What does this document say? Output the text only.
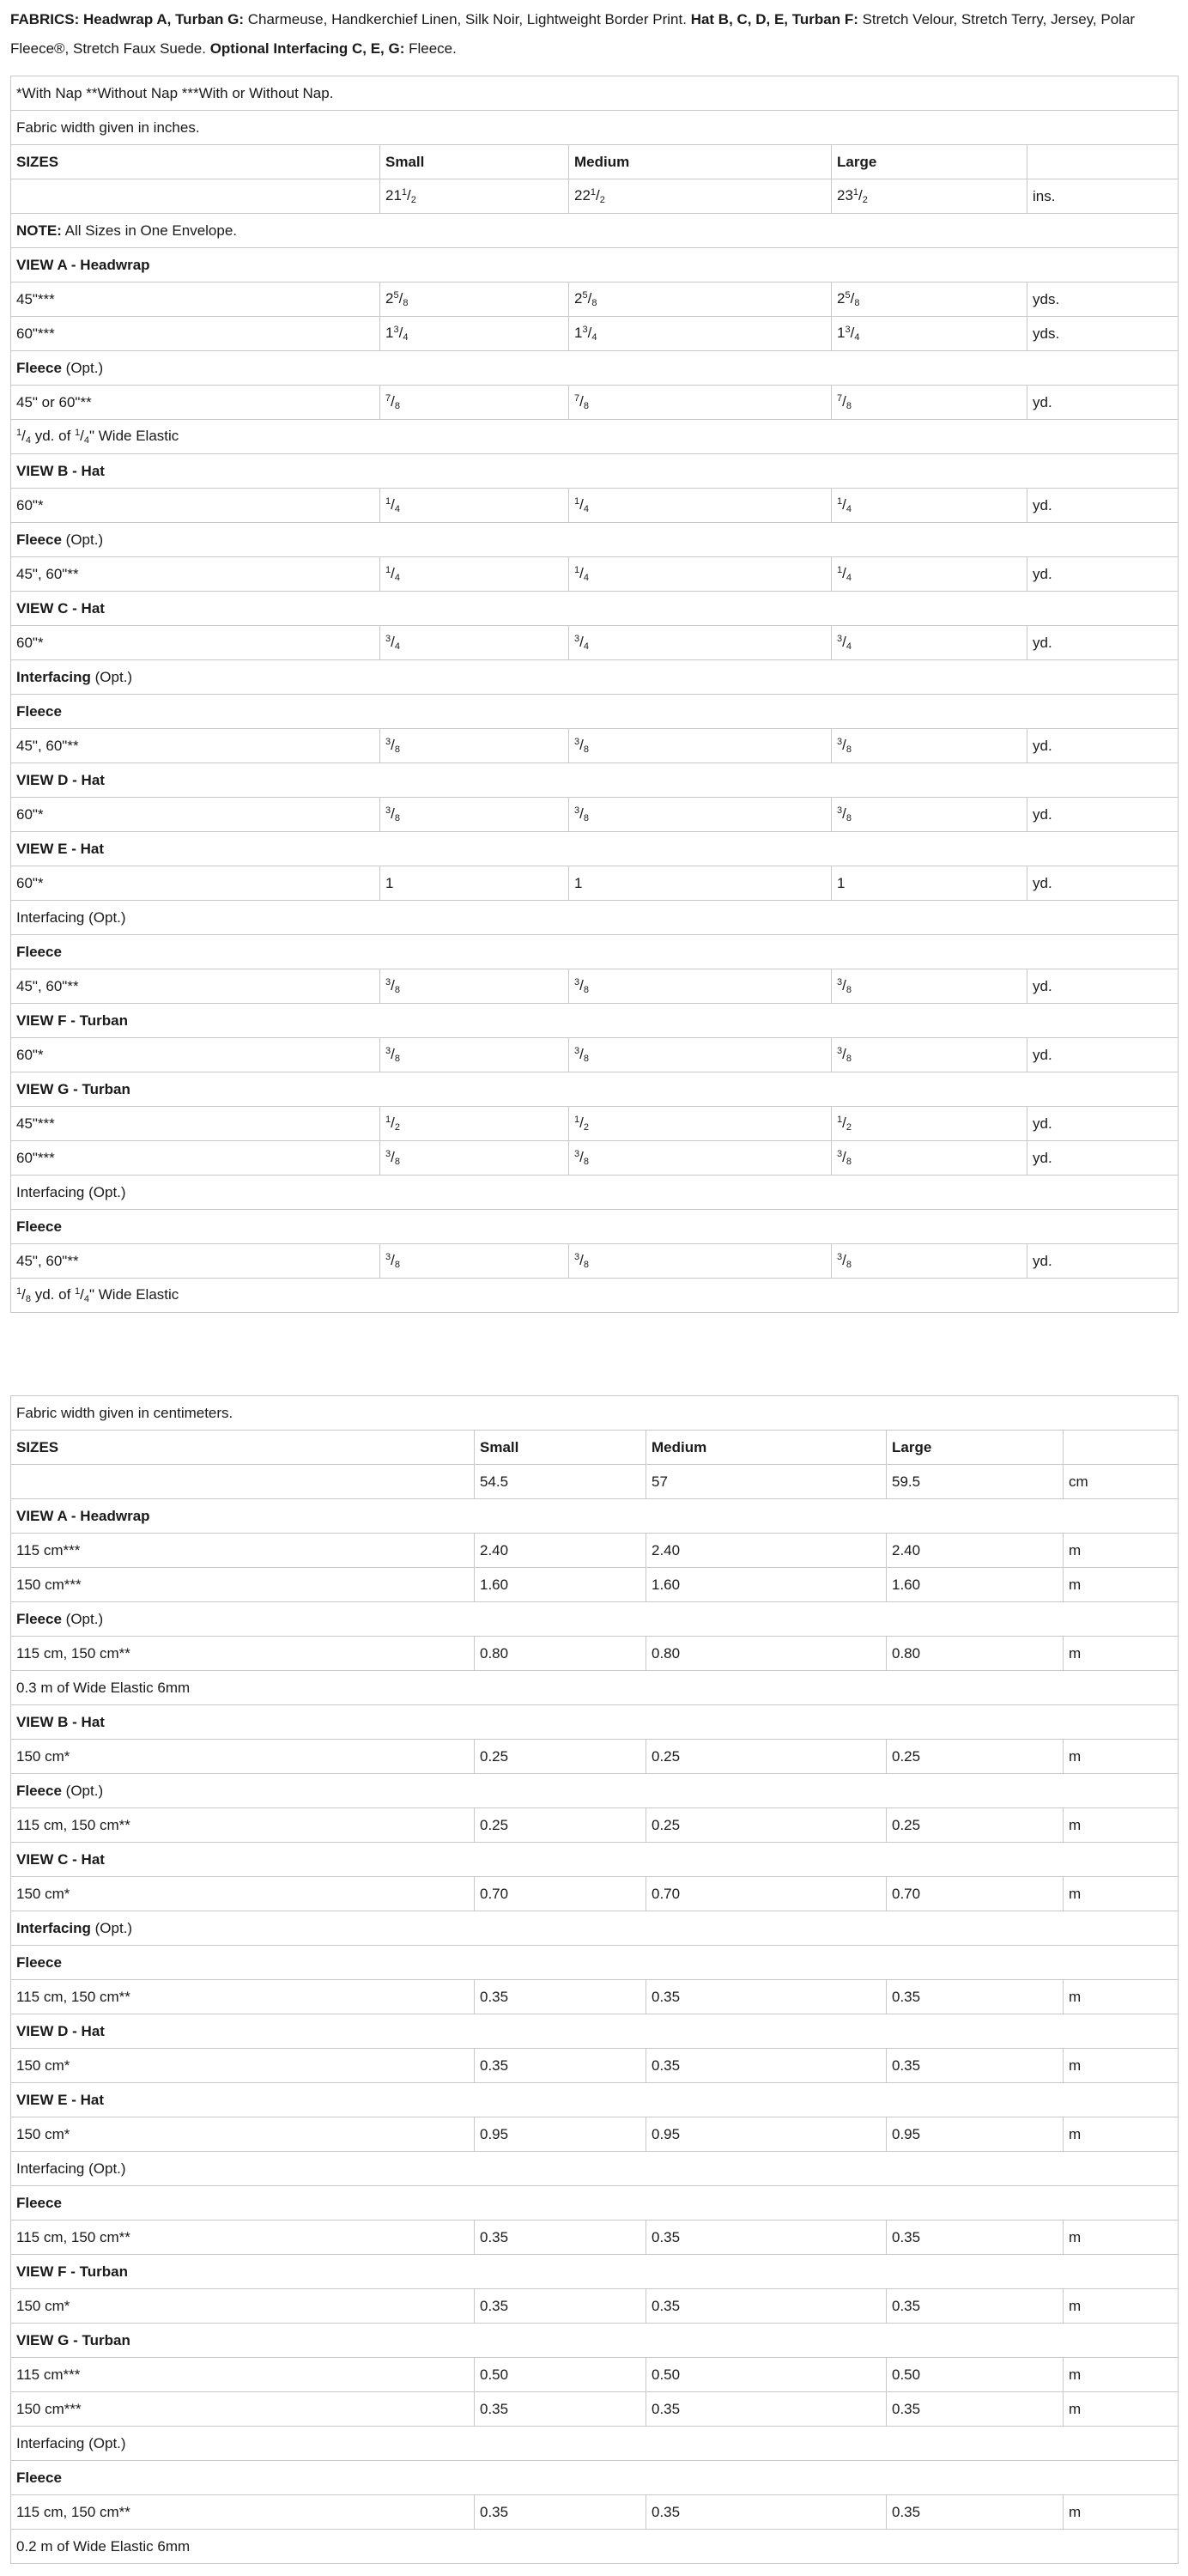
FABRICS: Headwrap A, Turban G: Charmeuse, Handkerchief Linen, Silk Noir, Lightweight Border Print. Hat B, C, D, E, Turban F: Stretch Velour, Stretch Terry, Jersey, Polar Fleece®, Stretch Faux Suede. Optional Interfacing C, E, G: Fleece.
*With Nap **Without Nap ***With or Without Nap.				
Fabric width given in inches.				
SIZES	Small	Medium	Large	
	$21^1/_2$	$22^1/_2$	$23^1/_2$	ins.
NOTE: All Sizes in One Envelope.				
VIEW A - Headwrap				
45"***	$2^5/_8$	$2^5/_8$	$2^5/_8$	yds.
60"***	$1^3/_4$	$1^3/_4$	$1^3/_4$	yds.
Fleece (Opt.)				
45" or 60"**	$^7/_8$	$^7/_8$	$^7/_8$	yd.
$^1/_4$ yd. of $^1/_4$" Wide Elastic				
VIEW B - Hat				
60"*	$^1/_4$	$^1/_4$	$^1/_4$	yd.
Fleece (Opt.)				
45", 60"**	$^1/_4$	$^1/_4$	$^1/_4$	yd.
VIEW C - Hat				
60"*	$^3/_4$	$^3/_4$	$^3/_4$	yd.
Interfacing (Opt.)				
Fleece				
45", 60"**	$^3/_8$	$^3/_8$	$^3/_8$	yd.
VIEW D - Hat				
60"*	$^3/_8$	$^3/_8$	$^3/_8$	yd.
VIEW E - Hat				
60"*	1	1	1	yd.
Interfacing (Opt.)				
Fleece				
45", 60"**	$^3/_8$	$^3/_8$	$^3/_8$	yd.
VIEW F - Turban				
60"*	$^3/_8$	$^3/_8$	$^3/_8$	yd.
VIEW G - Turban				
45"***	$^1/_2$	$^1/_2$	$^1/_2$	yd.
60"***	$^3/_8$	$^3/_8$	$^3/_8$	yd.
Interfacing (Opt.)				
Fleece				
45", 60"**	$^3/_8$	$^3/_8$	$^3/_8$	yd.
$^1/_8$ yd. of $^1/_4$" Wide Elastic				
Fabric width given in centimeters.				
SIZES	Small	Medium	Large	
	54.5	57	59.5	cm
VIEW A - Headwrap				
115 cm***	2.40	2.40	2.40	m
150 cm***	1.60	1.60	1.60	m
Fleece (Opt.)				
115 cm, 150 cm**	0.80	0.80	0.80	m
0.3 m of Wide Elastic 6mm				
VIEW B - Hat				
150 cm*	0.25	0.25	0.25	m
Fleece (Opt.)				
115 cm, 150 cm**	0.25	0.25	0.25	m
VIEW C - Hat				
150 cm*	0.70	0.70	0.70	m
Interfacing (Opt.)				
Fleece				
115 cm, 150 cm**	0.35	0.35	0.35	m
VIEW D - Hat				
150 cm*	0.35	0.35	0.35	m
VIEW E - Hat				
150 cm*	0.95	0.95	0.95	m
Interfacing (Opt.)				
Fleece				
115 cm, 150 cm**	0.35	0.35	0.35	m
VIEW F - Turban				
150 cm*	0.35	0.35	0.35	m
VIEW G - Turban				
115 cm***	0.50	0.50	0.50	m
150 cm***	0.35	0.35	0.35	m
Interfacing (Opt.)				
Fleece				
115 cm, 150 cm**	0.35	0.35	0.35	m
0.2 m of Wide Elastic 6mm				
